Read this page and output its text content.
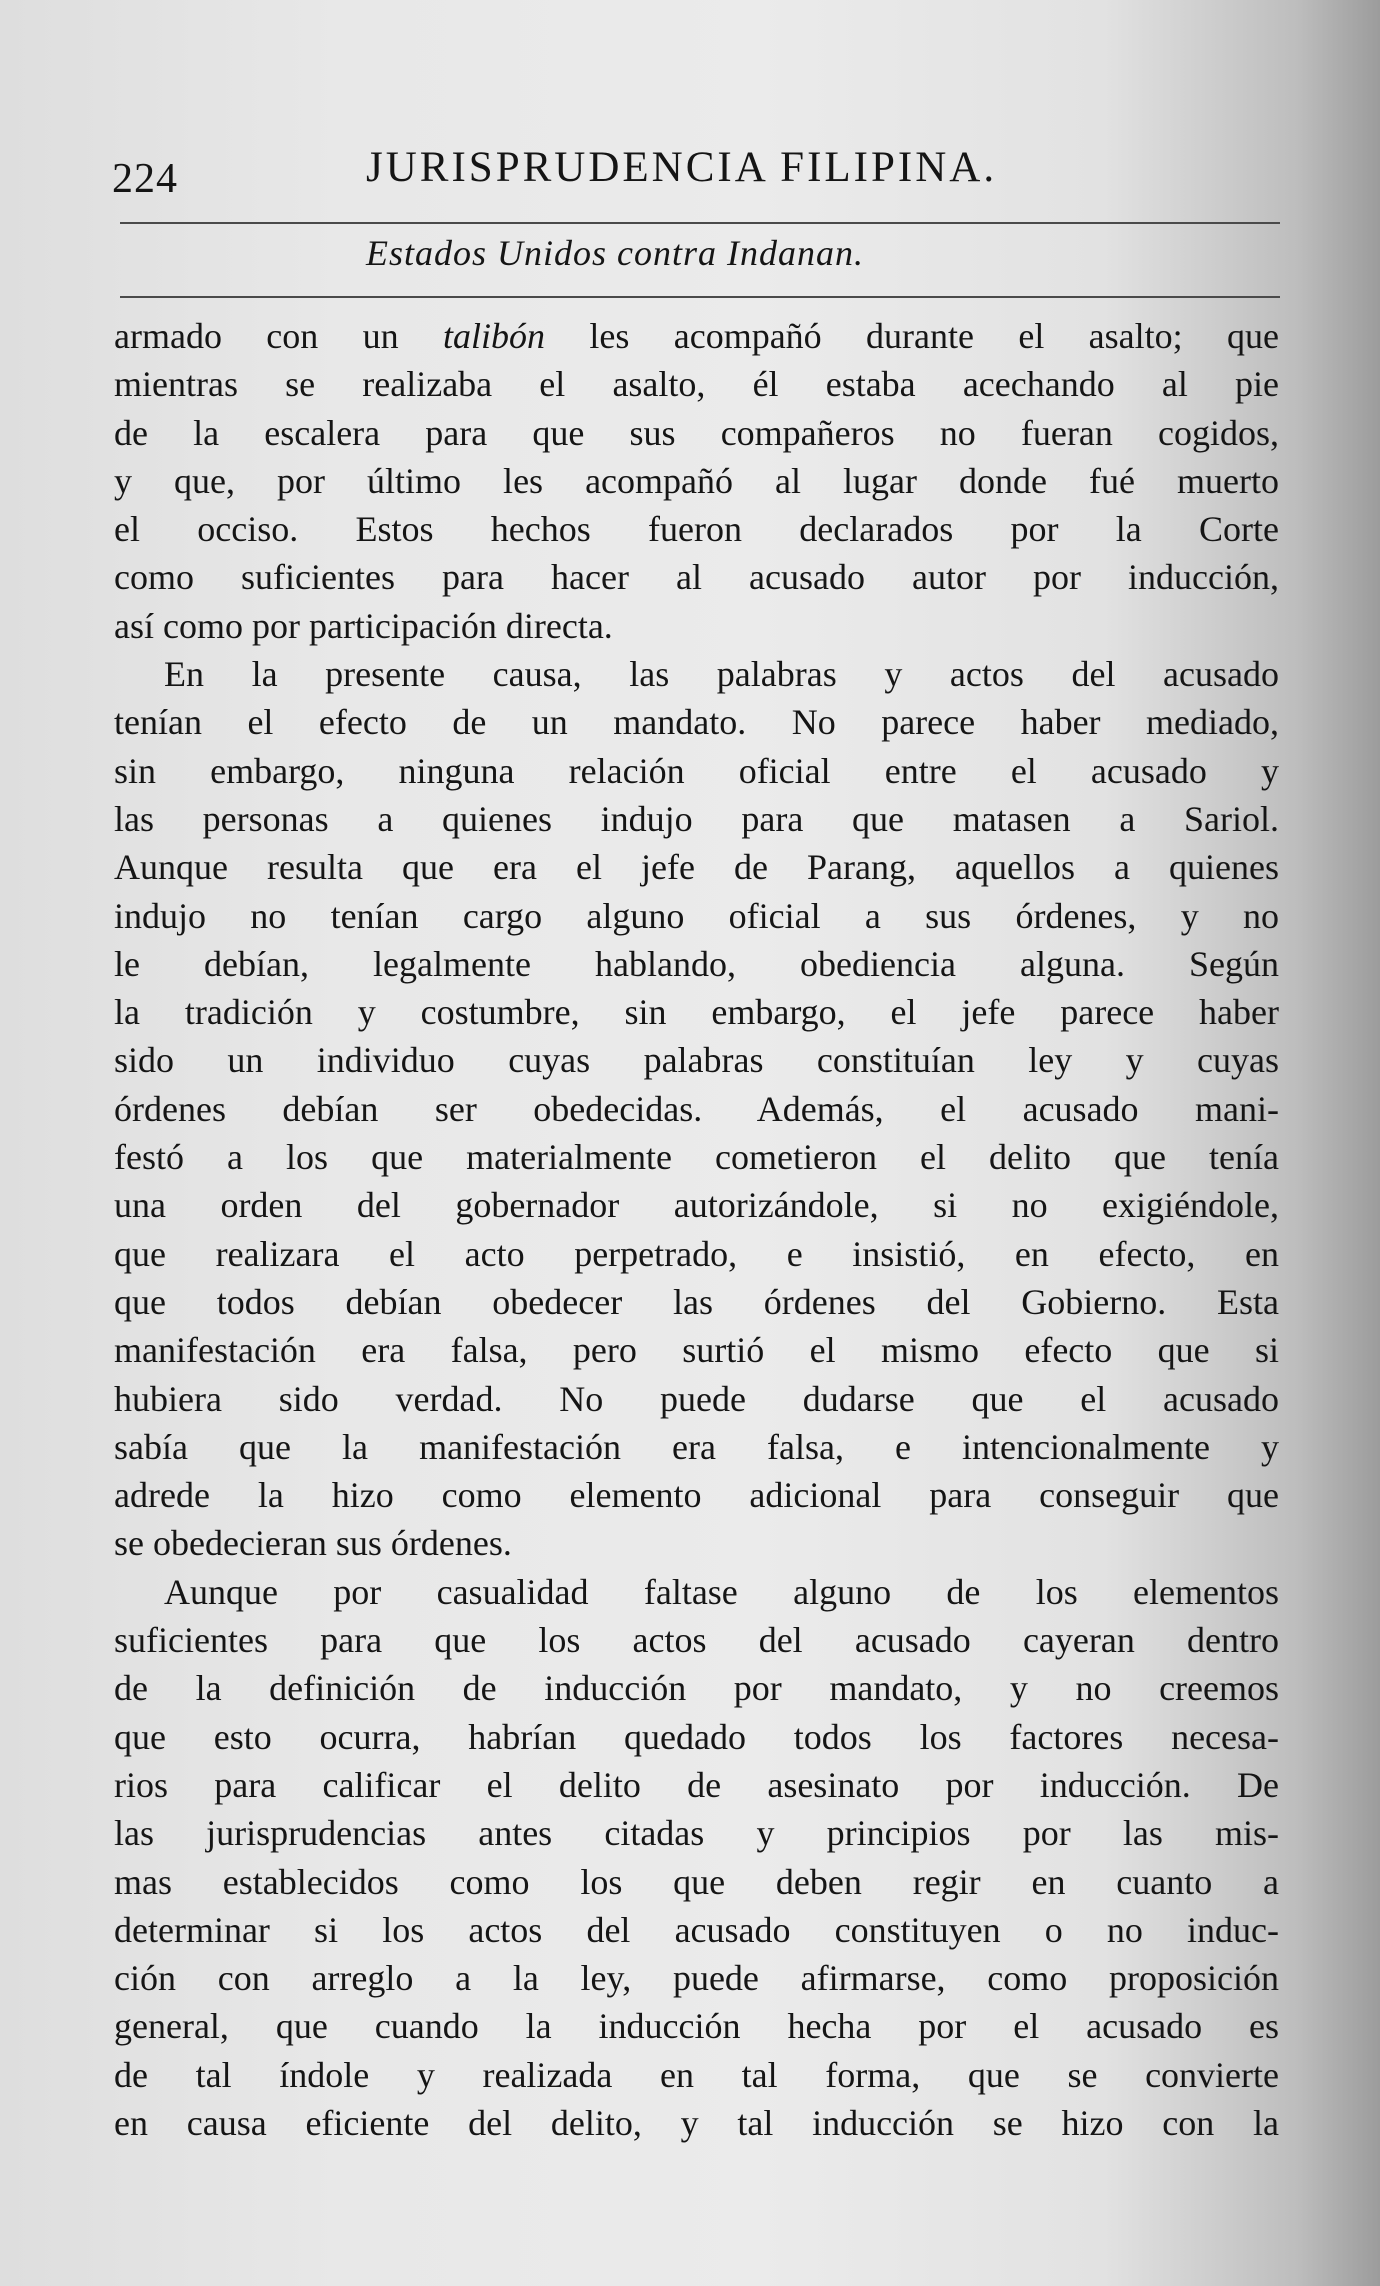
224	JURISPRUDENCIA FILIPINA.
Estados Unidos contra Indanan.
armado con un talibón les acompañó durante el asalto; que
mientras se realizaba el asalto, él estaba acechando al pie
de la escalera para que sus compañeros no fueran cogidos,
y que, por último les acompañó al lugar donde fué muerto
el occiso. Estos hechos fueron declarados por la Corte
como suficientes para hacer al acusado autor por inducción,
así como por participación directa.
En la presente causa, las palabras y actos del acusado
tenían el efecto de un mandato. No parece haber mediado,
sin embargo, ninguna relación oficial entre el acusado y
las personas a quienes indujo para que matasen a Sariol.
Aunque resulta que era el jefe de Parang, aquellos a quienes
indujo no tenían cargo alguno oficial a sus órdenes, y no
le debían, legalmente hablando, obediencia alguna. Según
la tradición y costumbre, sin embargo, el jefe parece haber
sido un individuo cuyas palabras constituían ley y cuyas
órdenes debían ser obedecidas. Además, el acusado mani-
festó a los que materialmente cometieron el delito que tenía
una orden del gobernador autorizándole, si no exigiéndole,
que realizara el acto perpetrado, e insistió, en efecto, en
que todos debían obedecer las órdenes del Gobierno. Esta
manifestación era falsa, pero surtió el mismo efecto que si
hubiera sido verdad. No puede dudarse que el acusado
sabía que la manifestación era falsa, e intencionalmente y
adrede la hizo como elemento adicional para conseguir que
se obedecieran sus órdenes.
Aunque por casualidad faltase alguno de los elementos
suficientes para que los actos del acusado cayeran dentro
de la definición de inducción por mandato, y no creemos
que esto ocurra, habrían quedado todos los factores necesa-
rios para calificar el delito de asesinato por inducción. De
las jurisprudencias antes citadas y principios por las mis-
mas establecidos como los que deben regir en cuanto a
determinar si los actos del acusado constituyen o no induc-
ción con arreglo a la ley, puede afirmarse, como proposición
general, que cuando la inducción hecha por el acusado es
de tal índole y realizada en tal forma, que se convierte
en causa eficiente del delito, y tal inducción se hizo con la
